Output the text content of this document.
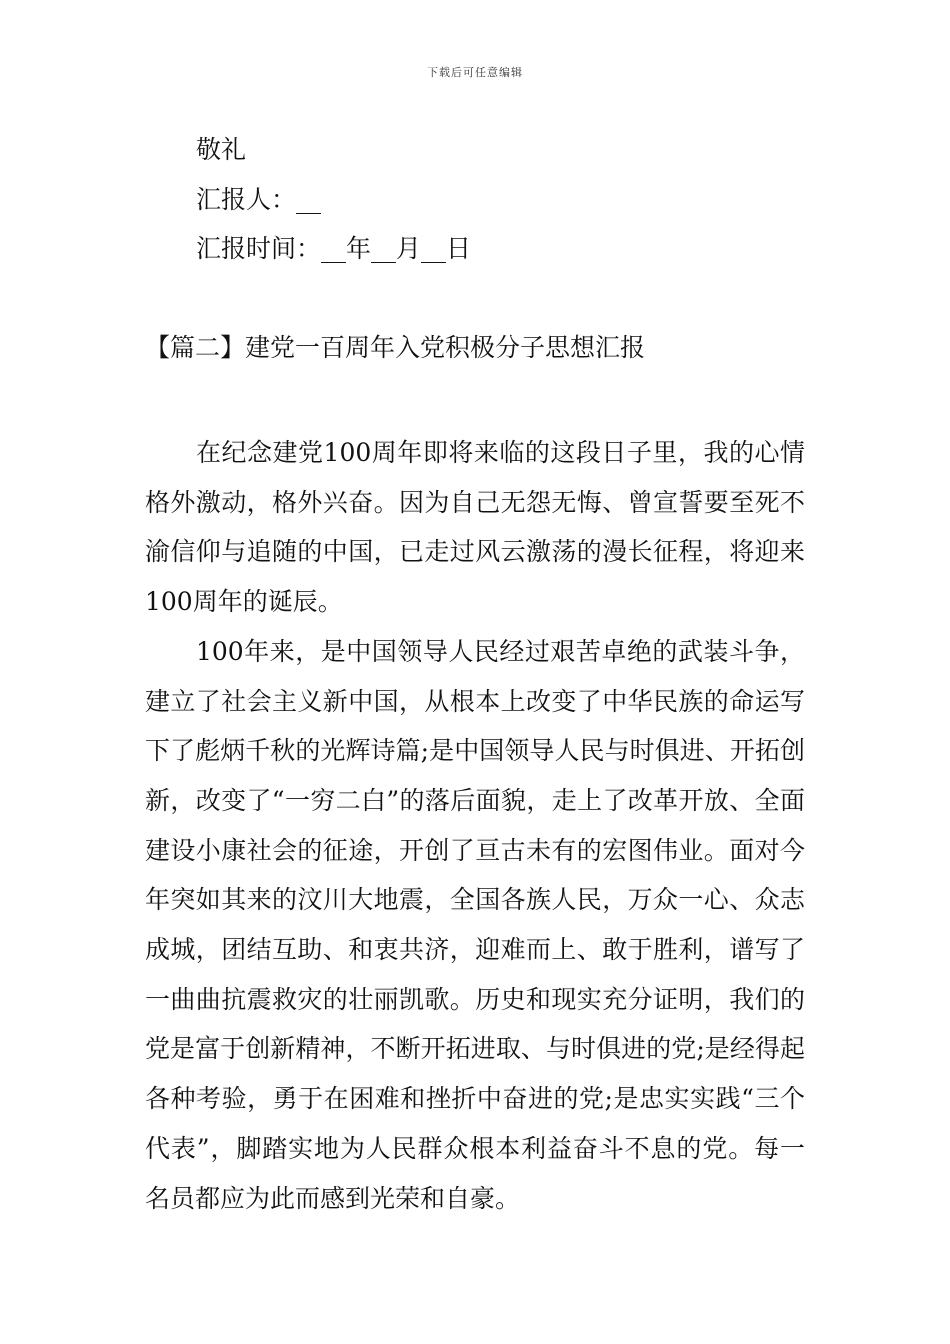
下载后可任意编辑
敬礼
汇报人：__
汇报时间：__年__月__日
【篇二】建党一百周年入党积极分子思想汇报

在纪念建党100周年即将来临的这段日子里，我的心情格外激动，格外兴奋。因为自己无怨无悔、曾宣誓要至死不渝信仰与追随的中国，已走过风云激荡的漫长征程，将迎来100周年的诞辰。

100年来，是中国领导人民经过艰苦卓绝的武装斗争，建立了社会主义新中国，从根本上改变了中华民族的命运写下了彪炳千秋的光辉诗篇;是中国领导人民与时俱进、开拓创新，改变了“一穷二白”的落后面貌，走上了改革开放、全面建设小康社会的征途，开创了亘古未有的宏图伟业。面对今年突如其来的汶川大地震，全国各族人民，万众一心、众志成城，团结互助、和衷共济，迎难而上、敢于胜利，谱写了一曲曲抗震救灾的壮丽凯歌。历史和现实充分证明，我们的党是富于创新精神，不断开拓进取、与时俱进的党;是经得起各种考验，勇于在困难和挫折中奋进的党;是忠实实践“三个代表”，脚踏实地为人民群众根本利益奋斗不息的党。每一名员都应为此而感到光荣和自豪。
